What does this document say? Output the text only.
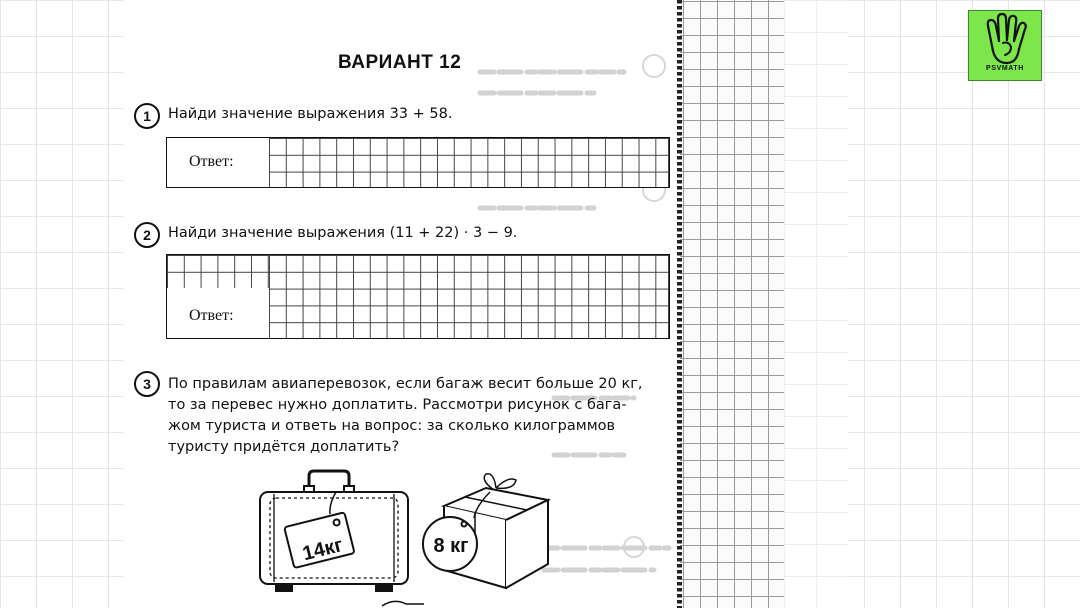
ВАРИАНТ 12
1	Найди значение выражения 33 + 58.
Ответ:
2	Найди значение выражения (11 + 22) · 3 − 9.
Ответ:
3	По правилам авиаперевозок, если багаж весит больше 20 кг,
то за перевес нужно доплатить. Рассмотри рисунок с бага-
жом туриста и ответь на вопрос: за сколько килограммов
туристу придётся доплатить?
14кг	8 кг
PSVMATH
